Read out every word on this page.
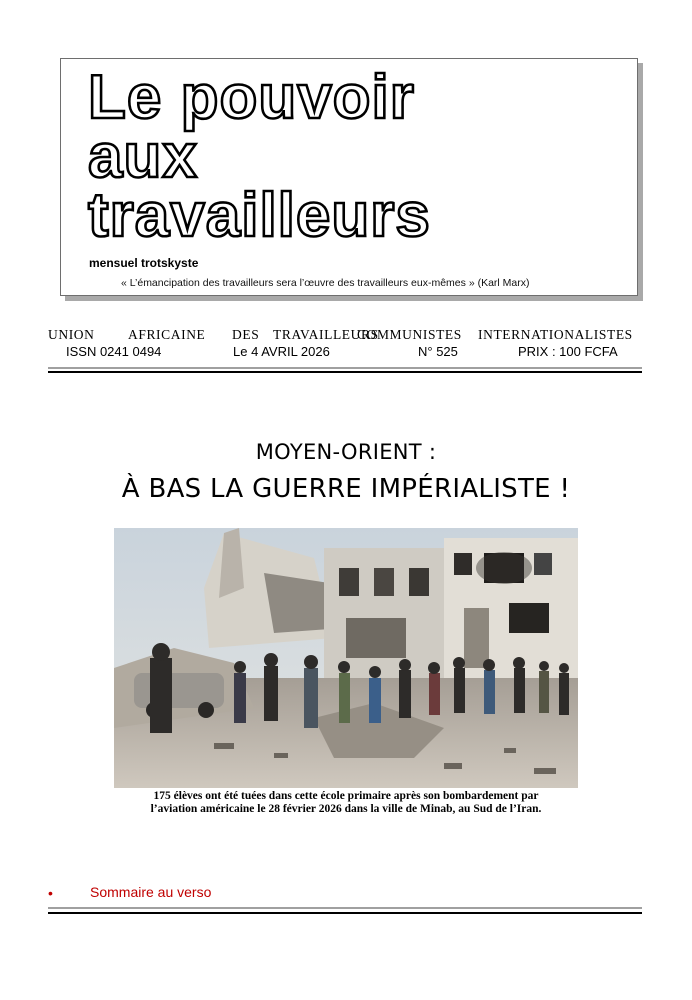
Le pouvoir
aux
travailleurs
mensuel trotskyste
« L’émancipation des travailleurs sera l’œuvre des travailleurs eux-mêmes » (Karl Marx)
UNION AFRICAINE DES TRAVAILLEURS
COMMUNISTES INTERNATIONALISTES
ISSN 0241 0494	Le 4 AVRIL 2026	N° 525	PRIX : 100 FCFA
MOYEN-ORIENT :
À BAS LA GUERRE IMPÉRIALISTE !
175 élèves ont été tuées dans cette école primaire après son bombardement par
l’aviation américaine le 28 février 2026 dans la ville de Minab, au Sud de l’Iran.
•	Sommaire au verso
